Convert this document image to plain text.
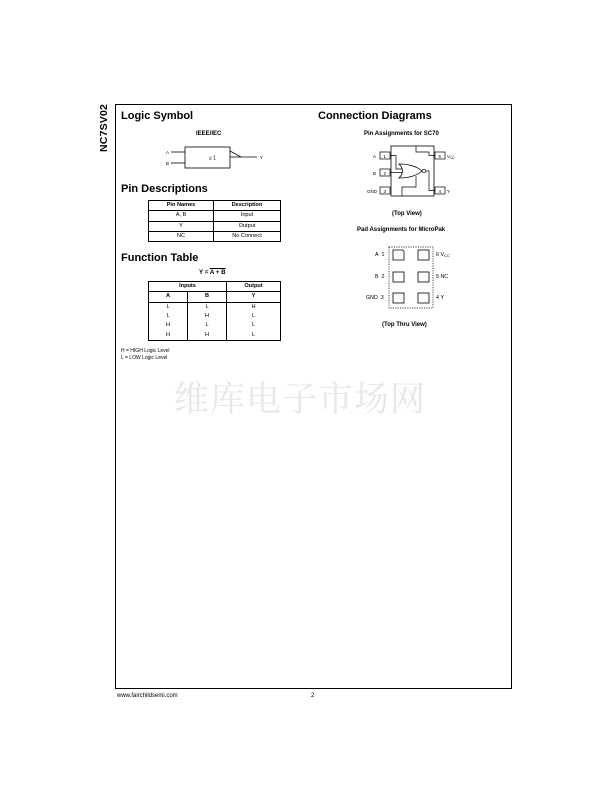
NC7SV02 Logic Symbol
IEEE/IEC
A
B
Y
≥ 1
Pin Descriptions
Pin Names	Description
A, B	Input
Y	Output
NC	No Connect
Function Table
Y = A + B
Inputs		Output
A	B	Y
L	L	H
L	H	L
H	L	L
H	H	L
H = HIGH Logic Level
L = LOW Logic Level
Connection Diagrams
Pin Assignments for SC70
A 1
B 2
GND 3
5 $V_{CC}$
4 Y
(Top View)
Pad Assignments for MicroPak
A 1
B 2
GND 3
6 VCC
5 NC
4 Y
(Top Thru View)
维库电子市场网
www.fairchildsemi.com	2
